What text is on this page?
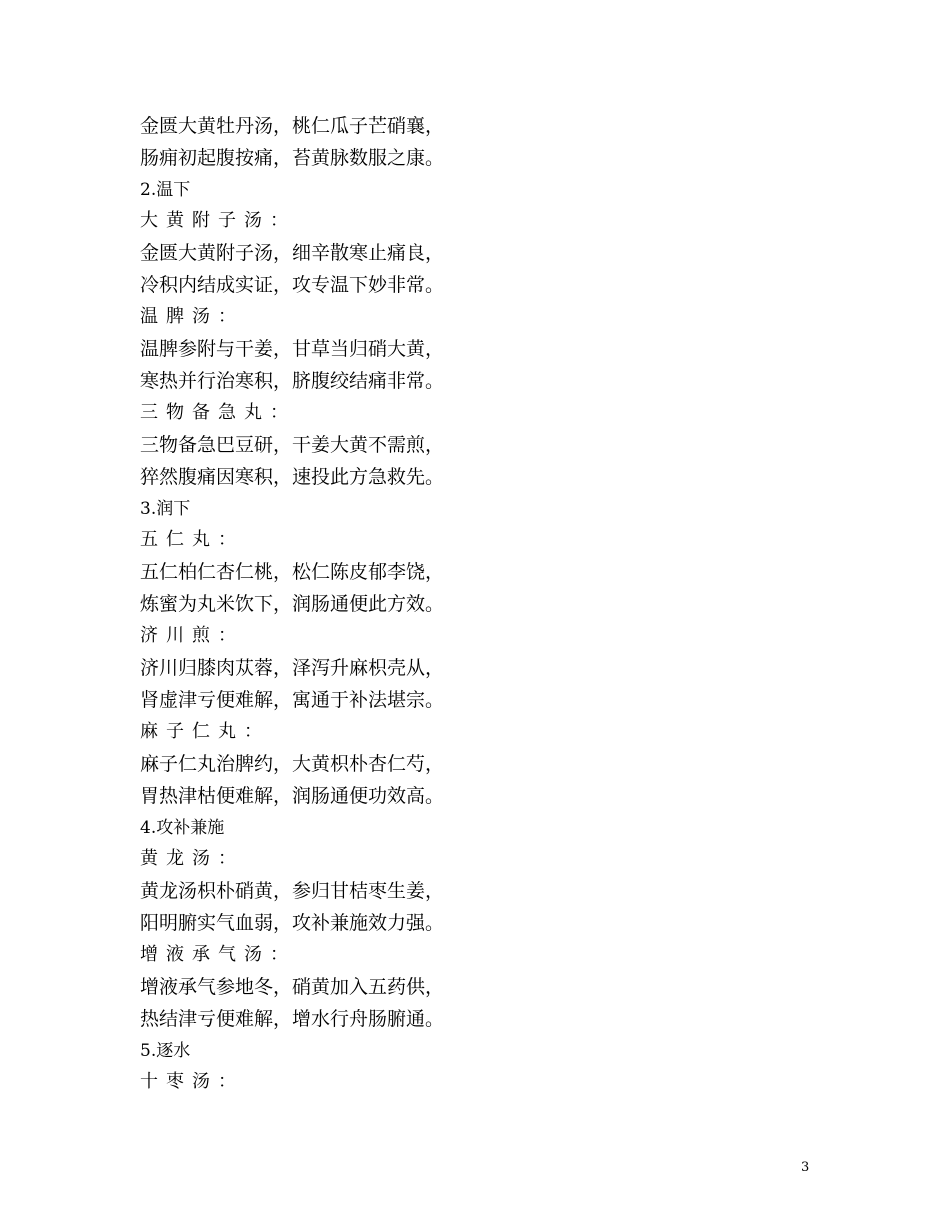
金匮大黄牡丹汤，桃仁瓜子芒硝襄，
肠痈初起腹按痛，苔黄脉数服之康。
2.温下
大黄附子汤：
金匮大黄附子汤，细辛散寒止痛良，
冷积内结成实证，攻专温下妙非常。
温脾汤：
温脾参附与干姜，甘草当归硝大黄，
寒热并行治寒积，脐腹绞结痛非常。
三物备急丸：
三物备急巴豆研，干姜大黄不需煎，
猝然腹痛因寒积，速投此方急救先。
3.润下
五仁丸：
五仁柏仁杏仁桃，松仁陈皮郁李饶，
炼蜜为丸米饮下，润肠通便此方效。
济川煎：
济川归膝肉苁蓉，泽泻升麻枳壳从，
肾虚津亏便难解，寓通于补法堪宗。
麻子仁丸：
麻子仁丸治脾约，大黄枳朴杏仁芍，
胃热津枯便难解，润肠通便功效高。
4.攻补兼施
黄龙汤：
黄龙汤枳朴硝黄，参归甘桔枣生姜，
阳明腑实气血弱，攻补兼施效力强。
增液承气汤：
增液承气参地冬，硝黄加入五药供，
热结津亏便难解，增水行舟肠腑通。
5.逐水
十枣汤：
3
